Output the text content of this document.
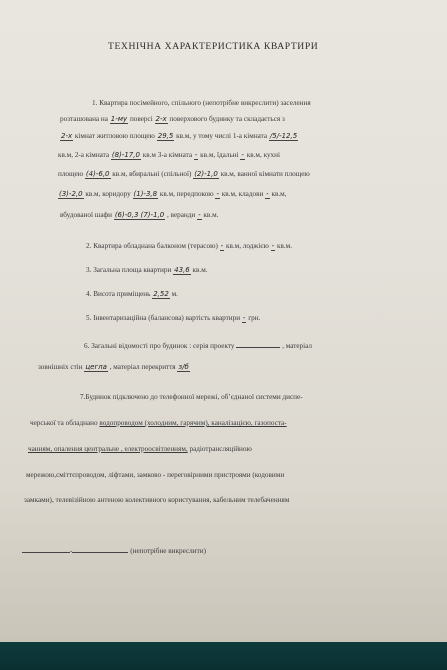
ТЕХНІЧНА ХАРАКТЕРИСТИКА КВАРТИРИ
1. Квартира посімейного, спільного (непотрібне викреслити) заселення
розташована на 1-му поверсі 2-х поверхового будинку та складається з
2-х кімнат житловою площею 29,5 кв.м, у тому числі 1-а кімната /5/-12,5
кв.м, 2-а кімната (8)-17,0 кв.м 3-а кімната - кв.м, їдальні - кв.м, кухні
площею (4)-6,0 кв.м, вбиральні (спільної) (2)-1,0 кв.м, ванної кімнати площею
(3)-2,0 кв.м, коридору (1)-3,8 кв.м, передпокою - кв.м, кладови - кв.м,
вбудованої шафи (6)-0,3 (7)-1,0 , веранди - кв.м.
2. Квартира обладнана балконом (терасою) - кв.м, лоджією - кв.м.
3. Загальна площа квартири 43,6 кв.м.
4. Висота приміщень 2,52 м.
5. Інвентаризаційна (балансова) вартість квартири - грн.
6. Загальні відомості про будинок : серія проекту	, матеріал
зовнішніх стін цегла , матеріал перекриття з/б
7.Будинок підключено до телефонної мережі, об’єднаної системи диспе-
черської та обладнано водопроводом (холодним, гарячим), каналізацією, газопоста-
чанням, опалення центральне , електроосвітленням, радіотрансляційною
мережою,сміттєпроводом, ліфтами, замково - переговірними пристроями (кодовими
замками), телевізійною антеною колективного користування, кабельним телебаченням
-	(непотрібне викреслити)
